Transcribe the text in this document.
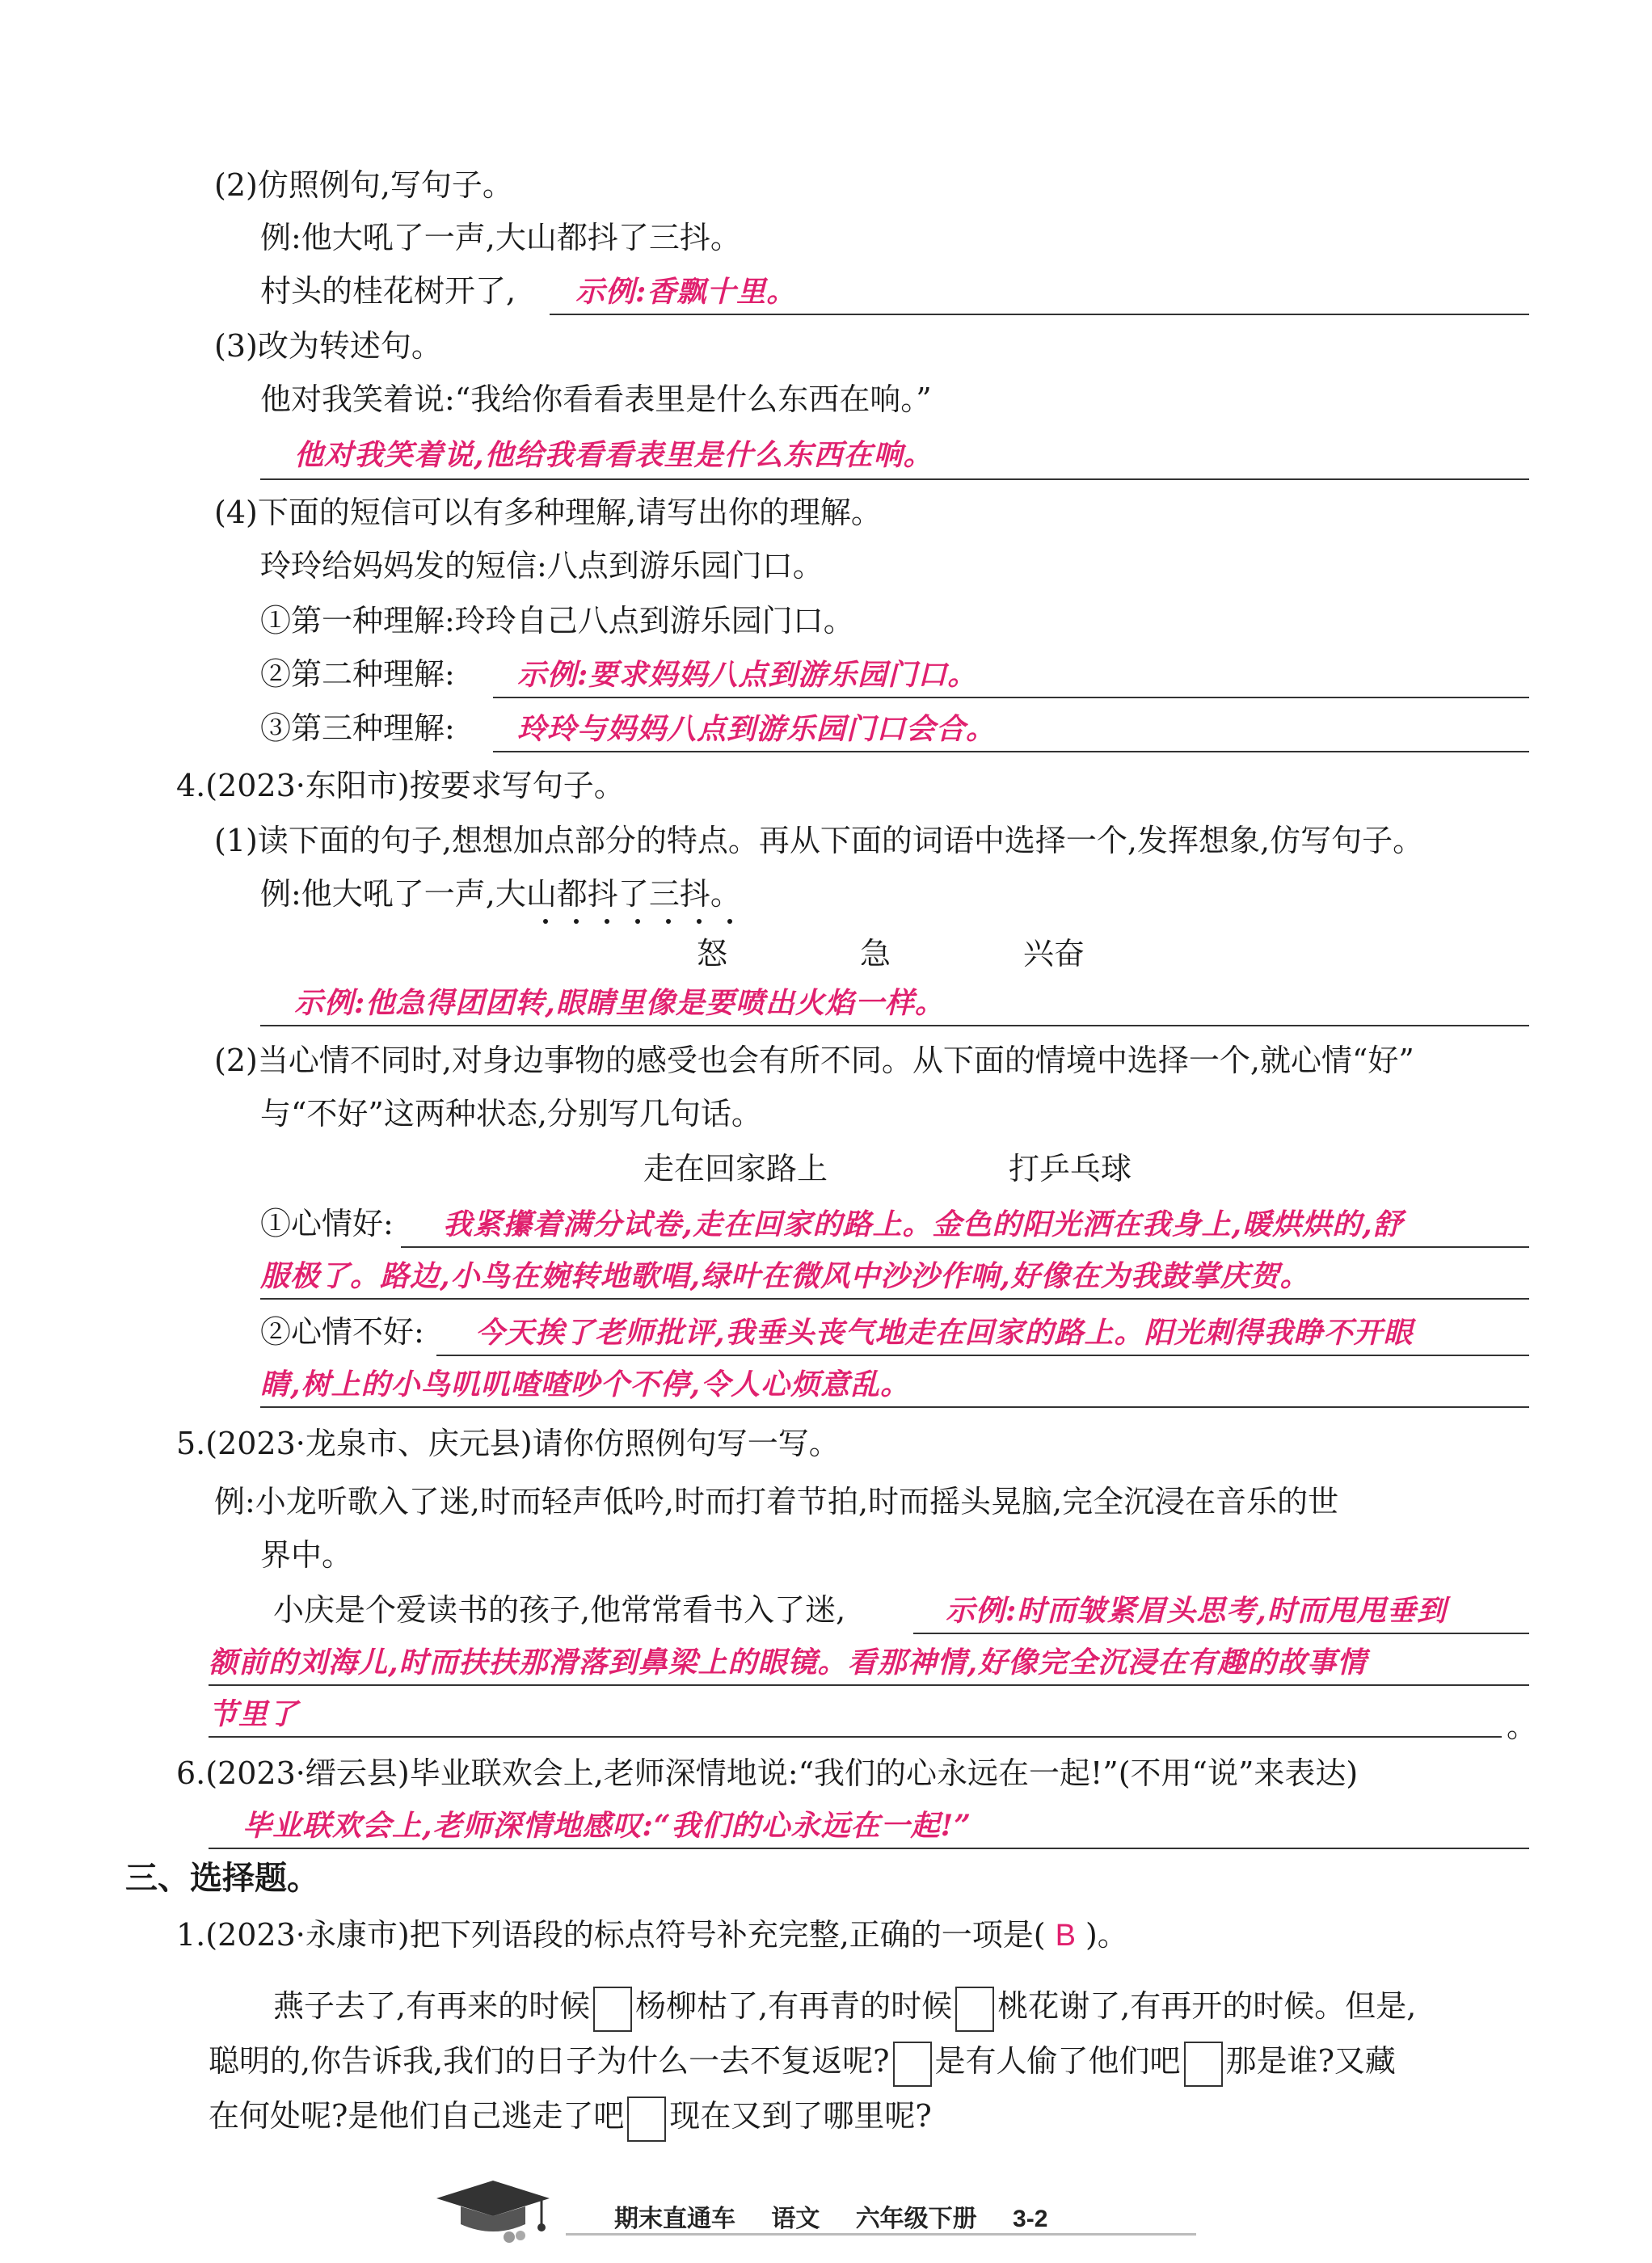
(2)仿照例句,写句子。
例:他大吼了一声,大山都抖了三抖。
村头的桂花树开了, 示例:香飘十里。
(3)改为转述句。
他对我笑着说:“我给你看看表里是什么东西在响。”
他对我笑着说,他给我看看表里是什么东西在响。
(4)下面的短信可以有多种理解,请写出你的理解。
玲玲给妈妈发的短信:八点到游乐园门口。
①第一种理解:玲玲自己八点到游乐园门口。
②第二种理解: 示例:要求妈妈八点到游乐园门口。
③第三种理解: 玲玲与妈妈八点到游乐园门口会合。
4.(2023·东阳市)按要求写句子。
(1)读下面的句子,想想加点部分的特点。再从下面的词语中选择一个,发挥想象,仿写句子。
例:他大吼了一声,大山都抖了三抖。
怒	急	兴奋
示例:他急得团团转,眼睛里像是要喷出火焰一样。
(2)当心情不同时,对身边事物的感受也会有所不同。从下面的情境中选择一个,就心情“好”
与“不好”这两种状态,分别写几句话。
走在回家路上	打乒乓球
①心情好: 我紧攥着满分试卷,走在回家的路上。金色的阳光洒在我身上,暖烘烘的,舒
服极了。路边,小鸟在婉转地歌唱,绿叶在微风中沙沙作响,好像在为我鼓掌庆贺。
②心情不好: 今天挨了老师批评,我垂头丧气地走在回家的路上。阳光刺得我睁不开眼
睛,树上的小鸟叽叽喳喳吵个不停,令人心烦意乱。
5.(2023·龙泉市、庆元县)请你仿照例句写一写。
例:小龙听歌入了迷,时而轻声低吟,时而打着节拍,时而摇头晃脑,完全沉浸在音乐的世
界中。
小庆是个爱读书的孩子,他常常看书入了迷,	示例:时而皱紧眉头思考,时而甩甩垂到
额前的刘海儿,时而扶扶那滑落到鼻梁上的眼镜。看那神情,好像完全沉浸在有趣的故事情
节里了	。
6.(2023·缙云县)毕业联欢会上,老师深情地说:“我们的心永远在一起!”(不用“说”来表达)
毕业联欢会上,老师深情地感叹:“我们的心永远在一起!”
三、选择题。
1.(2023·永康市)把下列语段的标点符号补充完整,正确的一项是( B )。
燕子去了,有再来的时候 杨柳枯了,有再青的时候 桃花谢了,有再开的时候。但是,
聪明的,你告诉我,我们的日子为什么一去不复返呢? 是有人偷了他们吧 那是谁?又藏
在何处呢?是他们自己逃走了吧 现在又到了哪里呢?
期末直通车 语文 六年级下册 3-2
